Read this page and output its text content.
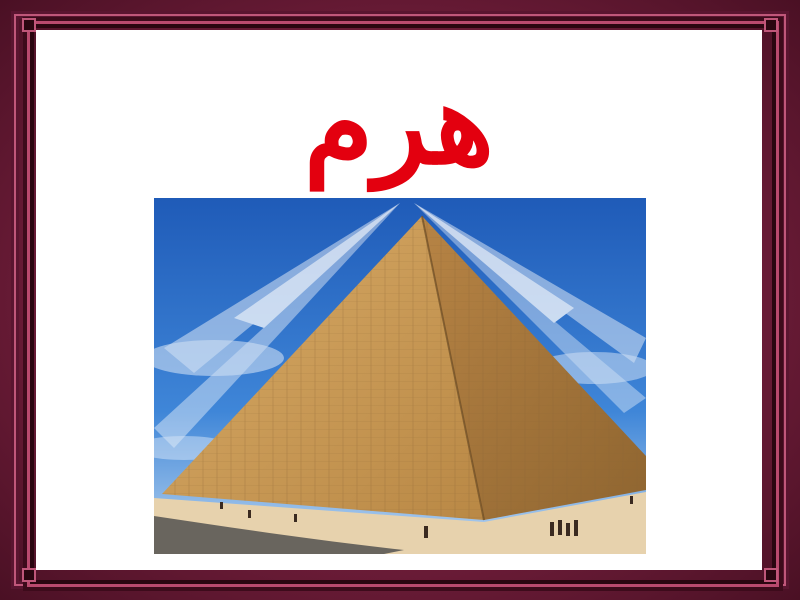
هرم
